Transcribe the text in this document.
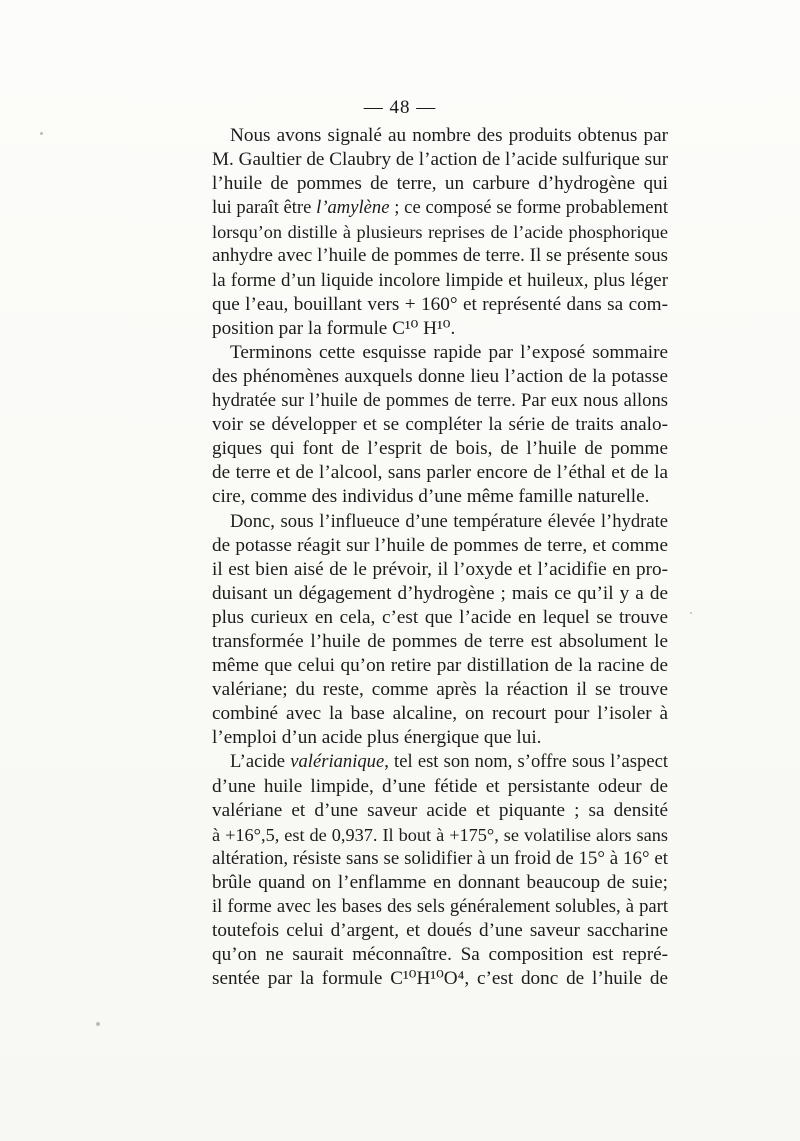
— 48 —
Nous avons signalé au nombre des produits obtenus par
M. Gaultier de Claubry de l’action de l’acide sulfurique sur
l’huile de pommes de terre, un carbure d’hydrogène qui
lui paraît être l’amylène ; ce composé se forme probablement
lorsqu’on distille à plusieurs reprises de l’acide phosphorique
anhydre avec l’huile de pommes de terre. Il se présente sous
la forme d’un liquide incolore limpide et huileux, plus léger
que l’eau, bouillant vers + 160° et représenté dans sa com-
position par la formule C¹⁰ H¹⁰.
Terminons cette esquisse rapide par l’exposé sommaire
des phénomènes auxquels donne lieu l’action de la potasse
hydratée sur l’huile de pommes de terre. Par eux nous allons
voir se développer et se compléter la série de traits analo-
giques qui font de l’esprit de bois, de l’huile de pomme
de terre et de l’alcool, sans parler encore de l’éthal et de la
cire, comme des individus d’une même famille naturelle.
Donc, sous l’influeuce d’une température élevée l’hydrate
de potasse réagit sur l’huile de pommes de terre, et comme
il est bien aisé de le prévoir, il l’oxyde et l’acidifie en pro-
duisant un dégagement d’hydrogène ; mais ce qu’il y a de
plus curieux en cela, c’est que l’acide en lequel se trouve
transformée l’huile de pommes de terre est absolument le
même que celui qu’on retire par distillation de la racine de
valériane; du reste, comme après la réaction il se trouve
combiné avec la base alcaline, on recourt pour l’isoler à
l’emploi d’un acide plus énergique que lui.
L’acide valérianique, tel est son nom, s’offre sous l’aspect
d’une huile limpide, d’une fétide et persistante odeur de
valériane et d’une saveur acide et piquante ; sa densité
à +16°,5, est de 0,937. Il bout à +175°, se volatilise alors sans
altération, résiste sans se solidifier à un froid de 15° à 16° et
brûle quand on l’enflamme en donnant beaucoup de suie;
il forme avec les bases des sels généralement solubles, à part
toutefois celui d’argent, et doués d’une saveur saccharine
qu’on ne saurait méconnaître. Sa composition est repré-
sentée par la formule C¹⁰H¹⁰O⁴, c’est donc de l’huile de
